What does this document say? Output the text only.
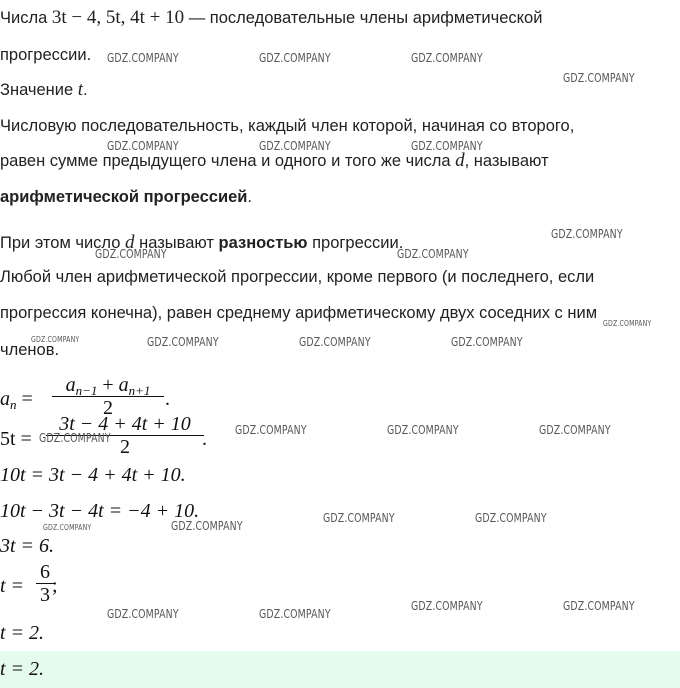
Числа 3t − 4, 5t, 4t + 10 — последовательные члены арифметической

прогрессии.

Значение t.

Числовую последовательность, каждый член которой, начиная со второго,

равен сумме предыдущего члена и одного и того же числа d, называют

арифметической прогрессией.

При этом число d называют разностью прогрессии.

Любой член арифметической прогрессии, кроме первого (и последнего, если

прогрессия конечна), равен среднему арифметическому двух соседних с ним

членов.

$a_n$ =
$a_{n-1} + a_{n+1}$
2	.
5t =
3t − 4 + 4t + 10
2	.
10t = 3t − 4 + 4t + 10.
10t − 3t − 4t = −4 + 10.
3t = 6.
t =
6
3 ;
t = 2.
t = 2.
GDZ.COMPANY	GDZ.COMPANY	GDZ.COMPANY
GDZ.COMPANY
GDZ.COMPANY	GDZ.COMPANY	GDZ.COMPANY
GDZ.COMPANY	GDZ.COMPANY
GDZ.COMPANY
GDZ.COMPANY
GDZ.COMPANY	GDZ.COMPANY	GDZ.COMPANY	GDZ.COMPANY
GDZ.COMPANY
GDZ.COMPANY	GDZ.COMPANY	GDZ.COMPANY
GDZ.COMPANY	GDZ.COMPANY
GDZ.COMPANY	GDZ.COMPANY
GDZ.COMPANY	GDZ.COMPANY
GDZ.COMPANY	GDZ.COMPANY
